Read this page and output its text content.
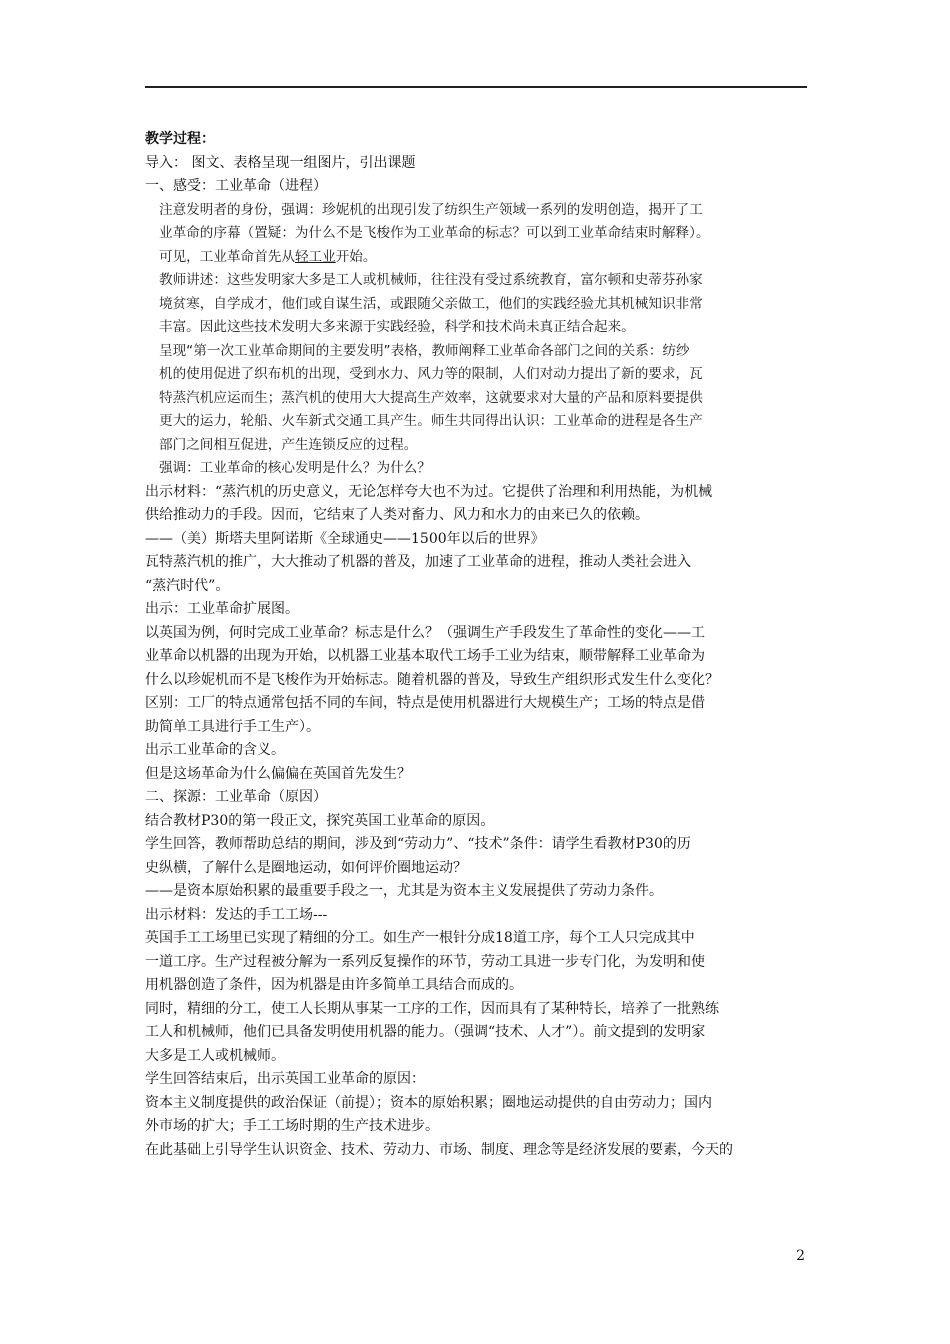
教学过程：
导入： 图文、表格呈现一组图片，引出课题
一、感受：工业革命（进程）
注意发明者的身份，强调：珍妮机的出现引发了纺织生产领域一系列的发明创造，揭开了工
业革命的序幕（置疑：为什么不是飞梭作为工业革命的标志？可以到工业革命结束时解释）。
可见，工业革命首先从轻工业开始。
教师讲述：这些发明家大多是工人或机械师，往往没有受过系统教育，富尔顿和史蒂芬孙家
境贫寒，自学成才，他们或自谋生活，或跟随父亲做工，他们的实践经验尤其机械知识非常
丰富。因此这些技术发明大多来源于实践经验，科学和技术尚未真正结合起来。
呈现“第一次工业革命期间的主要发明”表格，教师阐释工业革命各部门之间的关系：纺纱
机的使用促进了织布机的出现，受到水力、风力等的限制，人们对动力提出了新的要求，瓦
特蒸汽机应运而生；蒸汽机的使用大大提高生产效率，这就要求对大量的产品和原料要提供
更大的运力，轮船、火车新式交通工具产生。师生共同得出认识：工业革命的进程是各生产
部门之间相互促进，产生连锁反应的过程。
强调：工业革命的核心发明是什么？为什么？
出示材料：“蒸汽机的历史意义，无论怎样夸大也不为过。它提供了治理和利用热能，为机械
供给推动力的手段。因而，它结束了人类对畜力、风力和水力的由来已久的依赖。
——（美）斯塔夫里阿诺斯《全球通史——1500年以后的世界》
瓦特蒸汽机的推广，大大推动了机器的普及，加速了工业革命的进程，推动人类社会进入
“蒸汽时代”。
出示：工业革命扩展图。
以英国为例，何时完成工业革命？标志是什么？（强调生产手段发生了革命性的变化——工
业革命以机器的出现为开始，以机器工业基本取代工场手工业为结束，顺带解释工业革命为
什么以珍妮机而不是飞梭作为开始标志。随着机器的普及，导致生产组织形式发生什么变化？
区别：工厂的特点通常包括不同的车间，特点是使用机器进行大规模生产；工场的特点是借
助简单工具进行手工生产）。
出示工业革命的含义。
但是这场革命为什么偏偏在英国首先发生？
二、探源：工业革命（原因）
结合教材P30的第一段正文，探究英国工业革命的原因。
学生回答，教师帮助总结的期间，涉及到“劳动力”、“技术”条件：请学生看教材P30的历
史纵横，了解什么是圈地运动，如何评价圈地运动？
——是资本原始积累的最重要手段之一，尤其是为资本主义发展提供了劳动力条件。
出示材料：发达的手工工场---
英国手工工场里已实现了精细的分工。如生产一根针分成18道工序，每个工人只完成其中
一道工序。生产过程被分解为一系列反复操作的环节，劳动工具进一步专门化，为发明和使
用机器创造了条件，因为机器是由许多简单工具结合而成的。
同时，精细的分工，使工人长期从事某一工序的工作，因而具有了某种特长，培养了一批熟练
工人和机械师，他们已具备发明使用机器的能力。（强调“技术、人才”）。前文提到的发明家
大多是工人或机械师。
学生回答结束后，出示英国工业革命的原因：
资本主义制度提供的政治保证（前提）；资本的原始积累；圈地运动提供的自由劳动力；国内
外市场的扩大；手工工场时期的生产技术进步。
在此基础上引导学生认识资金、技术、劳动力、市场、制度、理念等是经济发展的要素，今天的
2
